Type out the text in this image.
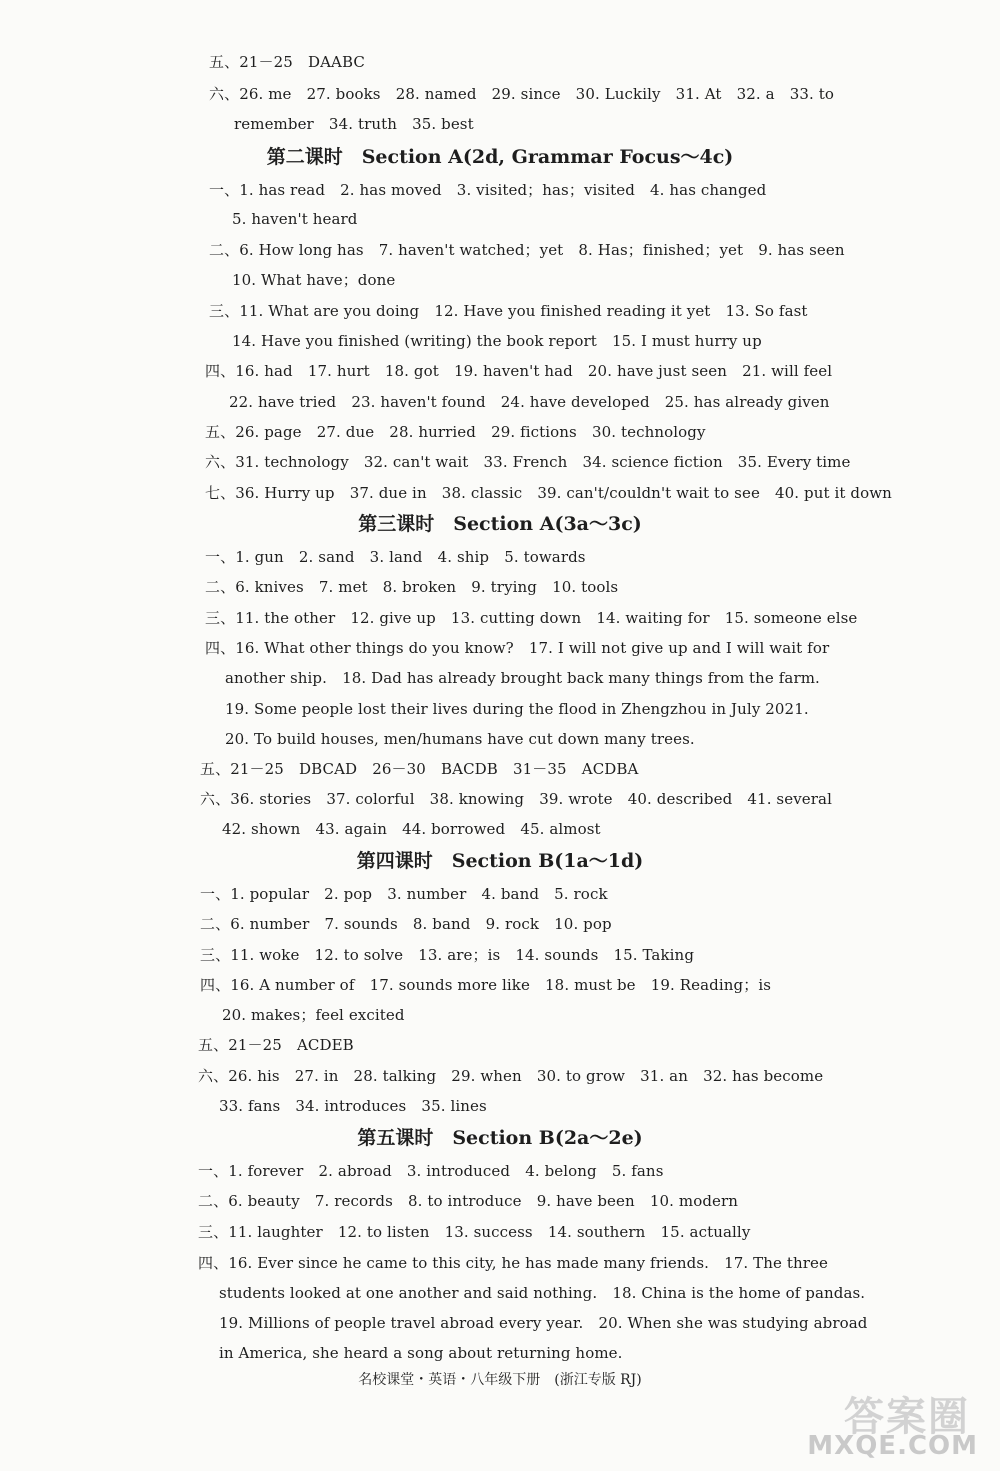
五、21－25　DAABC
六、26. me　27. books　28. named　29. since　30. Luckily　31. At　32. a　33. to
remember　34. truth　35. best
第二课时　Section A(2d, Grammar Focus～4c)
一、1. has read　2. has moved　3. visited；has；visited　4. has changed
5. haven't heard
二、6. How long has　7. haven't watched；yet　8. Has；finished；yet　9. has seen
10. What have；done
三、11. What are you doing　12. Have you finished reading it yet　13. So fast
14. Have you finished (writing) the book report　15. I must hurry up
四、16. had　17. hurt　18. got　19. haven't had　20. have just seen　21. will feel
22. have tried　23. haven't found　24. have developed　25. has already given
五、26. page　27. due　28. hurried　29. fictions　30. technology
六、31. technology　32. can't wait　33. French　34. science fiction　35. Every time
七、36. Hurry up　37. due in　38. classic　39. can't/couldn't wait to see　40. put it down
第三课时　Section A(3a～3c)
一、1. gun　2. sand　3. land　4. ship　5. towards
二、6. knives　7. met　8. broken　9. trying　10. tools
三、11. the other　12. give up　13. cutting down　14. waiting for　15. someone else
四、16. What other things do you know?　17. I will not give up and I will wait for
another ship.　18. Dad has already brought back many things from the farm.
19. Some people lost their lives during the flood in Zhengzhou in July 2021.
20. To build houses, men/humans have cut down many trees.
五、21－25　DBCAD　26－30　BACDB　31－35　ACDBA
六、36. stories　37. colorful　38. knowing　39. wrote　40. described　41. several
42. shown　43. again　44. borrowed　45. almost
第四课时　Section B(1a～1d)
一、1. popular　2. pop　3. number　4. band　5. rock
二、6. number　7. sounds　8. band　9. rock　10. pop
三、11. woke　12. to solve　13. are；is　14. sounds　15. Taking
四、16. A number of　17. sounds more like　18. must be　19. Reading；is
20. makes；feel excited
五、21－25　ACDEB
六、26. his　27. in　28. talking　29. when　30. to grow　31. an　32. has become
33. fans　34. introduces　35. lines
第五课时　Section B(2a～2e)
一、1. forever　2. abroad　3. introduced　4. belong　5. fans
二、6. beauty　7. records　8. to introduce　9. have been　10. modern
三、11. laughter　12. to listen　13. success　14. southern　15. actually
四、16. Ever since he came to this city, he has made many friends.　17. The three
students looked at one another and said nothing.　18. China is the home of pandas.
19. Millions of people travel abroad every year.　20. When she was studying abroad
in America, she heard a song about returning home.
名校课堂・英语・八年级下册　(浙江专版 RJ)
答案圈
MXQE.COM
